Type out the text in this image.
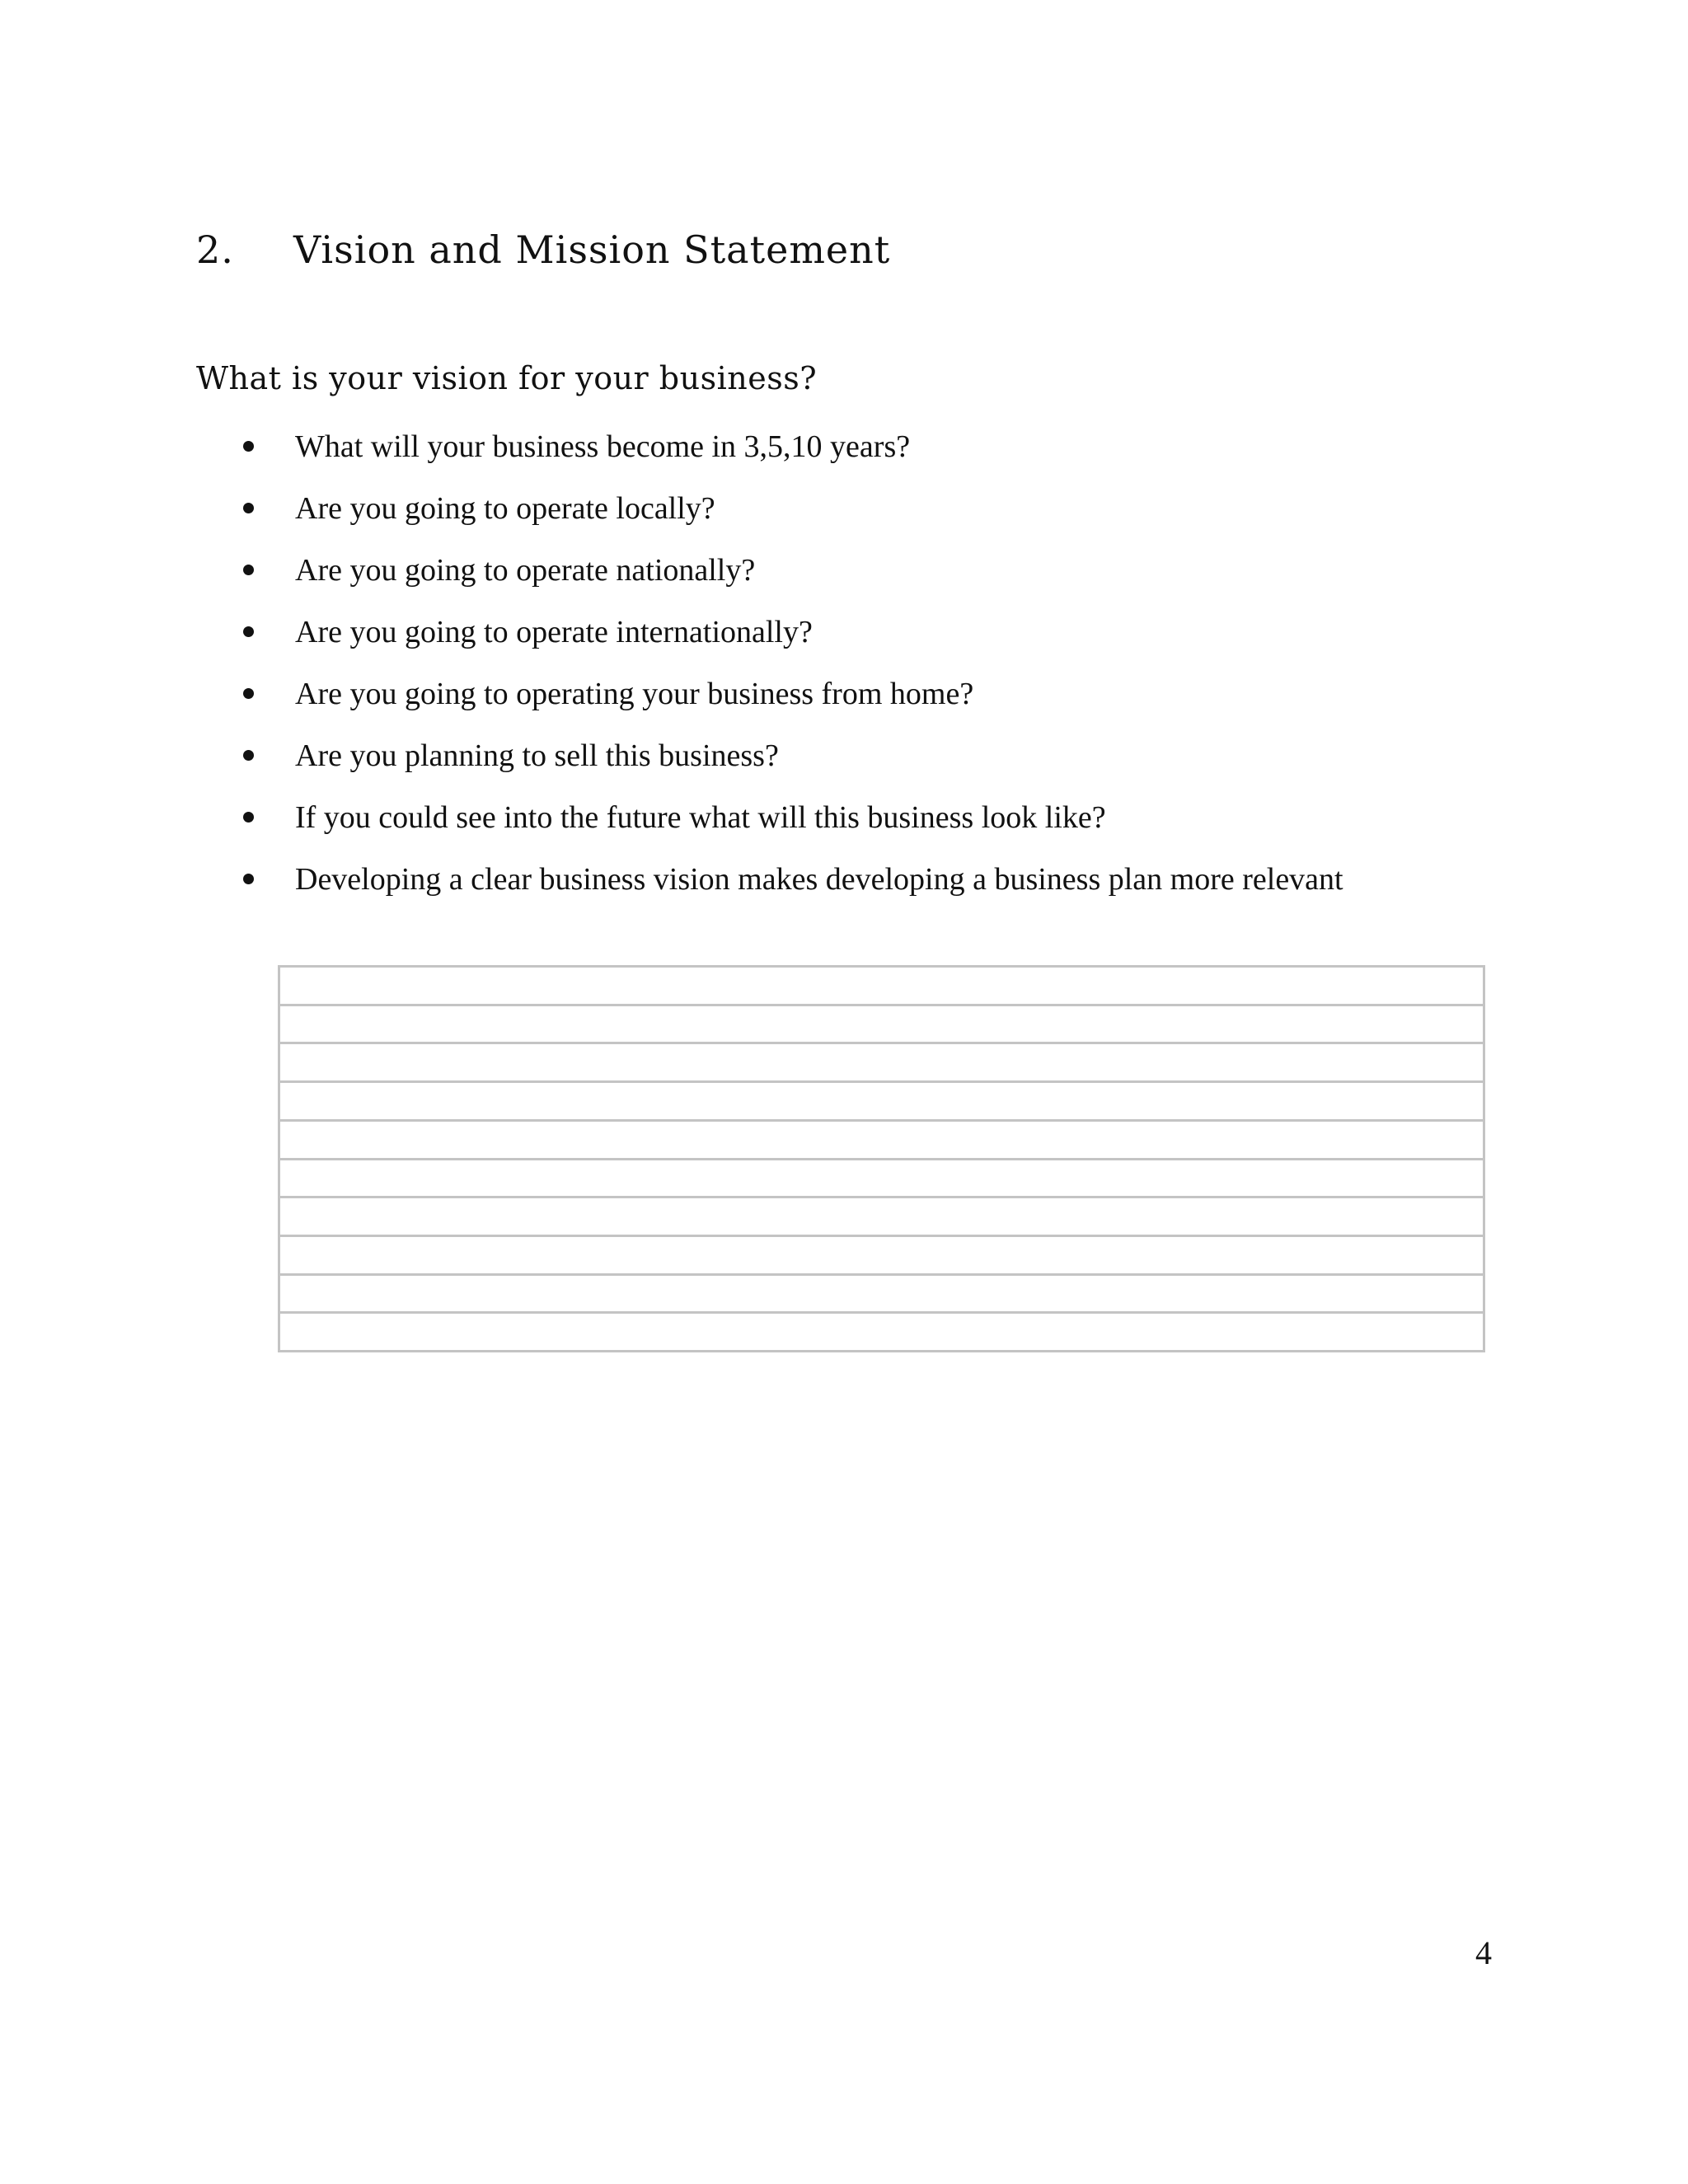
2.	Vision and Mission Statement
What is your vision for your business?
What will your business become in 3,5,10 years?
Are you going to operate locally?
Are you going to operate nationally?
Are you going to operate internationally?
Are you going to operating your business from home?
Are you planning to sell this business?
If you could see into the future what will this business look like?
Developing a clear business vision makes developing a business plan more relevant
4
